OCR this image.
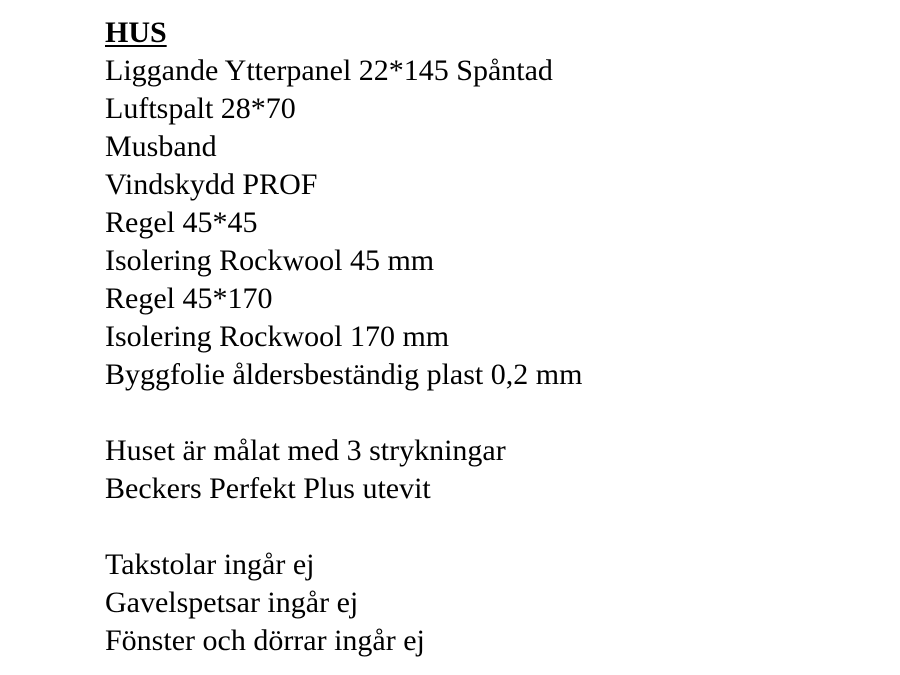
HUS
Liggande Ytterpanel 22*145 Spåntad
Luftspalt 28*70
Musband
Vindskydd PROF
Regel 45*45
Isolering Rockwool 45 mm
Regel 45*170
Isolering Rockwool 170 mm
Byggfolie åldersbeständig plast 0,2 mm
Huset är målat med 3 strykningar
Beckers Perfekt Plus utevit
Takstolar ingår ej
Gavelspetsar ingår ej
Fönster och dörrar ingår ej
